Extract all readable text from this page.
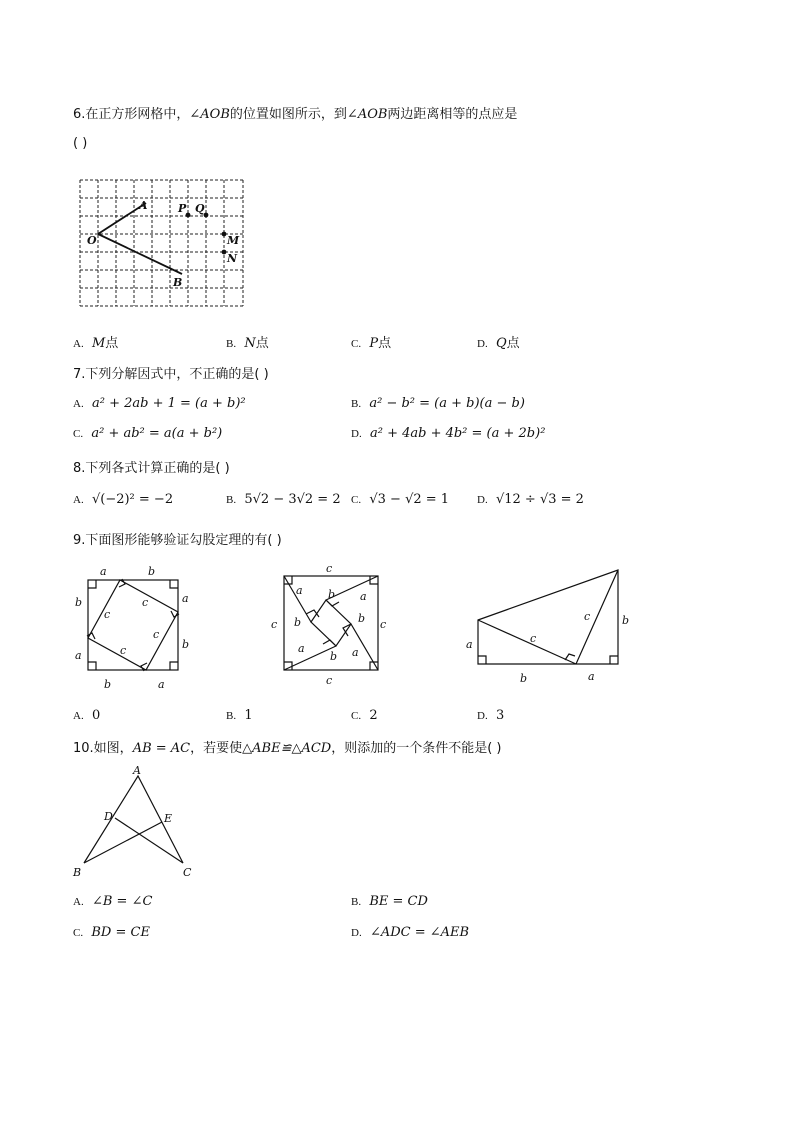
6.在正方形网格中，∠AOB的位置如图所示，到∠AOB两边距离相等的点应是
( )
O
A
B
P Q
M
N
A. M点	B. N点	C. P点	D. Q点
7.下列分解因式中，不正确的是( )
A. a² + 2ab + 1 = (a + b)²	B. a² − b² = (a + b)(a − b)
C. a² + ab² = a(a + b²)	D. a² + 4ab + 4b² = (a + 2b)²
8.下列各式计算正确的是( )
A. √(−2)² = −2	B. 5√2 − 3√2 = 2 C. √3 − √2 = 1	D. √12 ÷ √3 = 2
9.下面图形能够验证勾股定理的有( )
a	b
a
b
b	a
b
a
c
c
c
c
c
c
c	c
a b a
b
b
a
b a
a
b	a
b
c
c
A. 0	B. 1	C. 2	D. 3
10.如图，AB = AC，若要使△ABE≌△ACD，则添加的一个条件不能是( )
A
D	E
B	C
A. ∠B = ∠C	B. BE = CD
C. BD = CE	D. ∠ADC = ∠AEB
